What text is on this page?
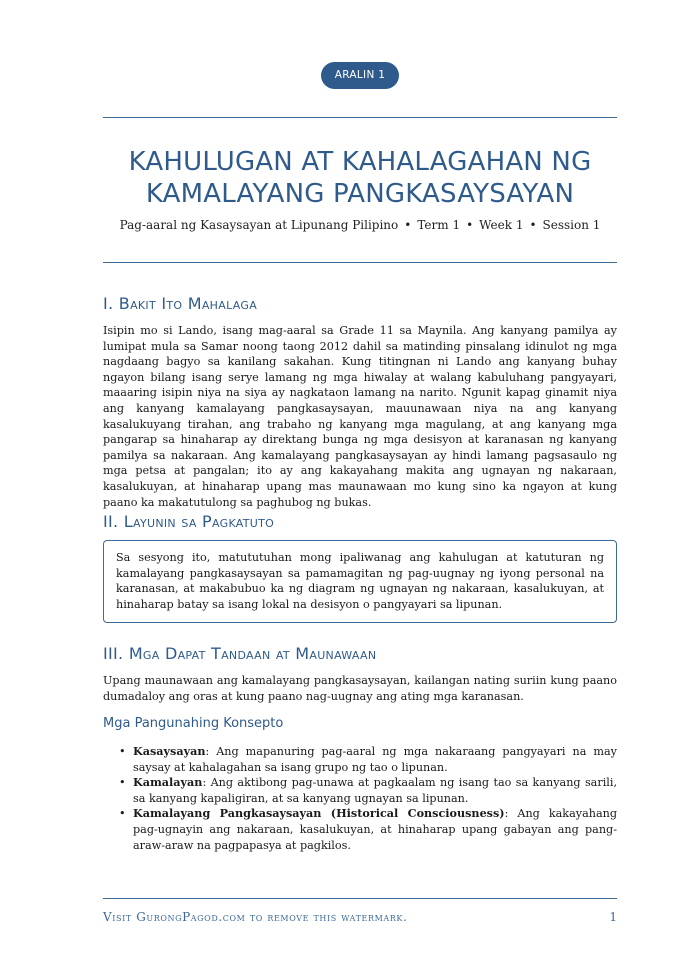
ARALIN 1
KAHULUGAN AT KAHALAGAHAN NG
KAMALAYANG PANGKASAYSAYAN
Pag-aaral ng Kasaysayan at Lipunang Pilipino • Term 1 • Week 1 • Session 1
I. Bakit Ito Mahalaga

Isipin mo si Lando, isang mag-aaral sa Grade 11 sa Maynila. Ang kanyang pamilya ay lumipat mula sa Samar noong taong 2012 dahil sa matinding pinsalang idinulot ng mga nagdaang bagyo sa kanilang sakahan. Kung titingnan ni Lando ang kanyang buhay ngayon bilang isang serye lamang ng mga hiwalay at walang kabuluhang pangyayari, maaaring isipin niya na siya ay nagkataon lamang na narito. Ngunit kapag ginamit niya ang kanyang kamalayang pangkasaysayan, mauunawaan niya na ang kanyang kasalukuyang tirahan, ang trabaho ng kanyang mga magulang, at ang kanyang mga pangarap sa hinaharap ay direktang bunga ng mga desisyon at karanasan ng kanyang pamilya sa nakaraan. Ang kamalayang pangkasaysayan ay hindi lamang pagsasaulo ng mga petsa at pangalan; ito ay ang kakayahang makita ang ugnayan ng nakaraan, kasalukuyan, at hinaharap upang mas maunawaan mo kung sino ka ngayon at kung paano ka makatutulong sa paghubog ng bukas.

II. Layunin sa Pagkatuto
Sa sesyong ito, matututuhan mong ipaliwanag ang kahulugan at katuturan ng kamalayang pangkasaysayan sa pamamagitan ng pag-uugnay ng iyong personal na karanasan, at makabubuo ka ng diagram ng ugnayan ng nakaraan, kasalukuyan, at hinaharap batay sa isang lokal na desisyon o pangyayari sa lipunan.
III. Mga Dapat Tandaan at Maunawaan

Upang maunawaan ang kamalayang pangkasaysayan, kailangan nating suriin kung paano dumadaloy ang oras at kung paano nag-uugnay ang ating mga karanasan.

Mga Pangunahing Konsepto
• Kasaysayan: Ang mapanuring pag-aaral ng mga nakaraang pangyayari na may saysay at kahalagahan sa isang grupo ng tao o lipunan.
• Kamalayan: Ang aktibong pag-unawa at pagkaalam ng isang tao sa kanyang sarili, sa kanyang kapaligiran, at sa kanyang ugnayan sa lipunan.
• Kamalayang Pangkasaysayan (Historical Consciousness): Ang kakayahang pag-ugnayin ang nakaraan, kasalukuyan, at hinaharap upang gabayan ang pang-araw-araw na pagpapasya at pagkilos.
Visit GurongPagod.com to remove this watermark.	1
